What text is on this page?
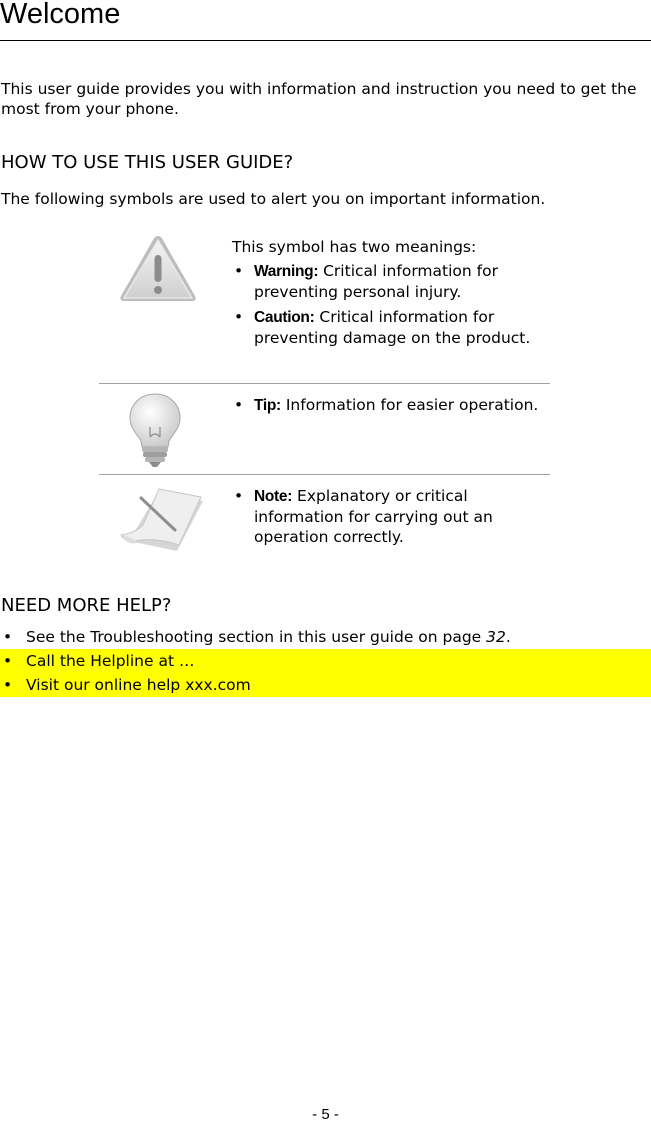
Welcome
This user guide provides you with information and instruction you need to get the most from your phone.
HOW TO USE THIS USER GUIDE?
The following symbols are used to alert you on important information.
This symbol has two meanings:
• Warning: Critical information for preventing personal injury.
• Caution: Critical information for preventing damage on the product.
• Tip: Information for easier operation.
• Note: Explanatory or critical information for carrying out an operation correctly.
NEED MORE HELP?
• See the Troubleshooting section in this user guide on page 32.
• Call the Helpline at …
• Visit our online help xxx.com
- 5 -
